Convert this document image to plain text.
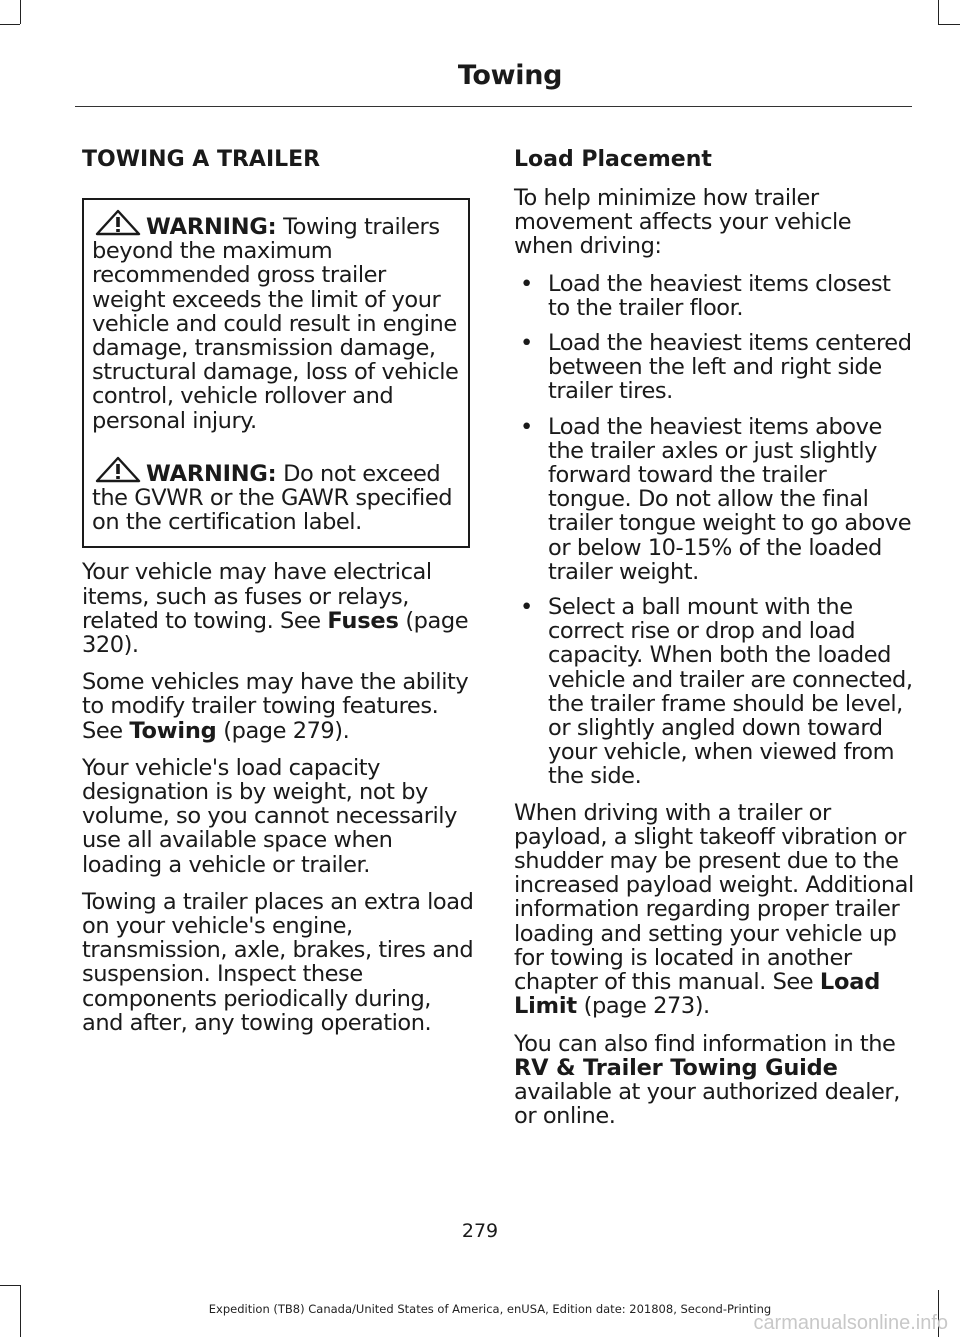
Towing
TOWING A TRAILER
WARNING: Towing trailers beyond the maximum recommended gross trailer weight exceeds the limit of your vehicle and could result in engine damage, transmission damage, structural damage, loss of vehicle control, vehicle rollover and personal injury.
WARNING: Do not exceed the GVWR or the GAWR specified on the certification label.

Your vehicle may have electrical items, such as fuses or relays, related to towing. See Fuses (page 320).

Some vehicles may have the ability to modify trailer towing features. See Towing (page 279).

Your vehicle's load capacity designation is by weight, not by volume, so you cannot necessarily use all available space when loading a vehicle or trailer.

Towing a trailer places an extra load on your vehicle's engine, transmission, axle, brakes, tires and suspension. Inspect these components periodically during, and after, any towing operation.

Load Placement

To help minimize how trailer movement affects your vehicle when driving:

• Load the heaviest items closest to the trailer floor.
• Load the heaviest items centered between the left and right side trailer tires.
• Load the heaviest items above the trailer axles or just slightly forward toward the trailer tongue. Do not allow the final trailer tongue weight to go above or below 10-15% of the loaded trailer weight.
• Select a ball mount with the correct rise or drop and load capacity. When both the loaded vehicle and trailer are connected, the trailer frame should be level, or slightly angled down toward your vehicle, when viewed from the side.

When driving with a trailer or payload, a slight takeoff vibration or shudder may be present due to the increased payload weight. Additional information regarding proper trailer loading and setting your vehicle up for towing is located in another chapter of this manual. See Load Limit (page 273).

You can also find information in the RV & Trailer Towing Guide available at your authorized dealer, or online.

279
Expedition (TB8) Canada/United States of America, enUSA, Edition date: 201808, Second-Printing
carmanualsonline.info
